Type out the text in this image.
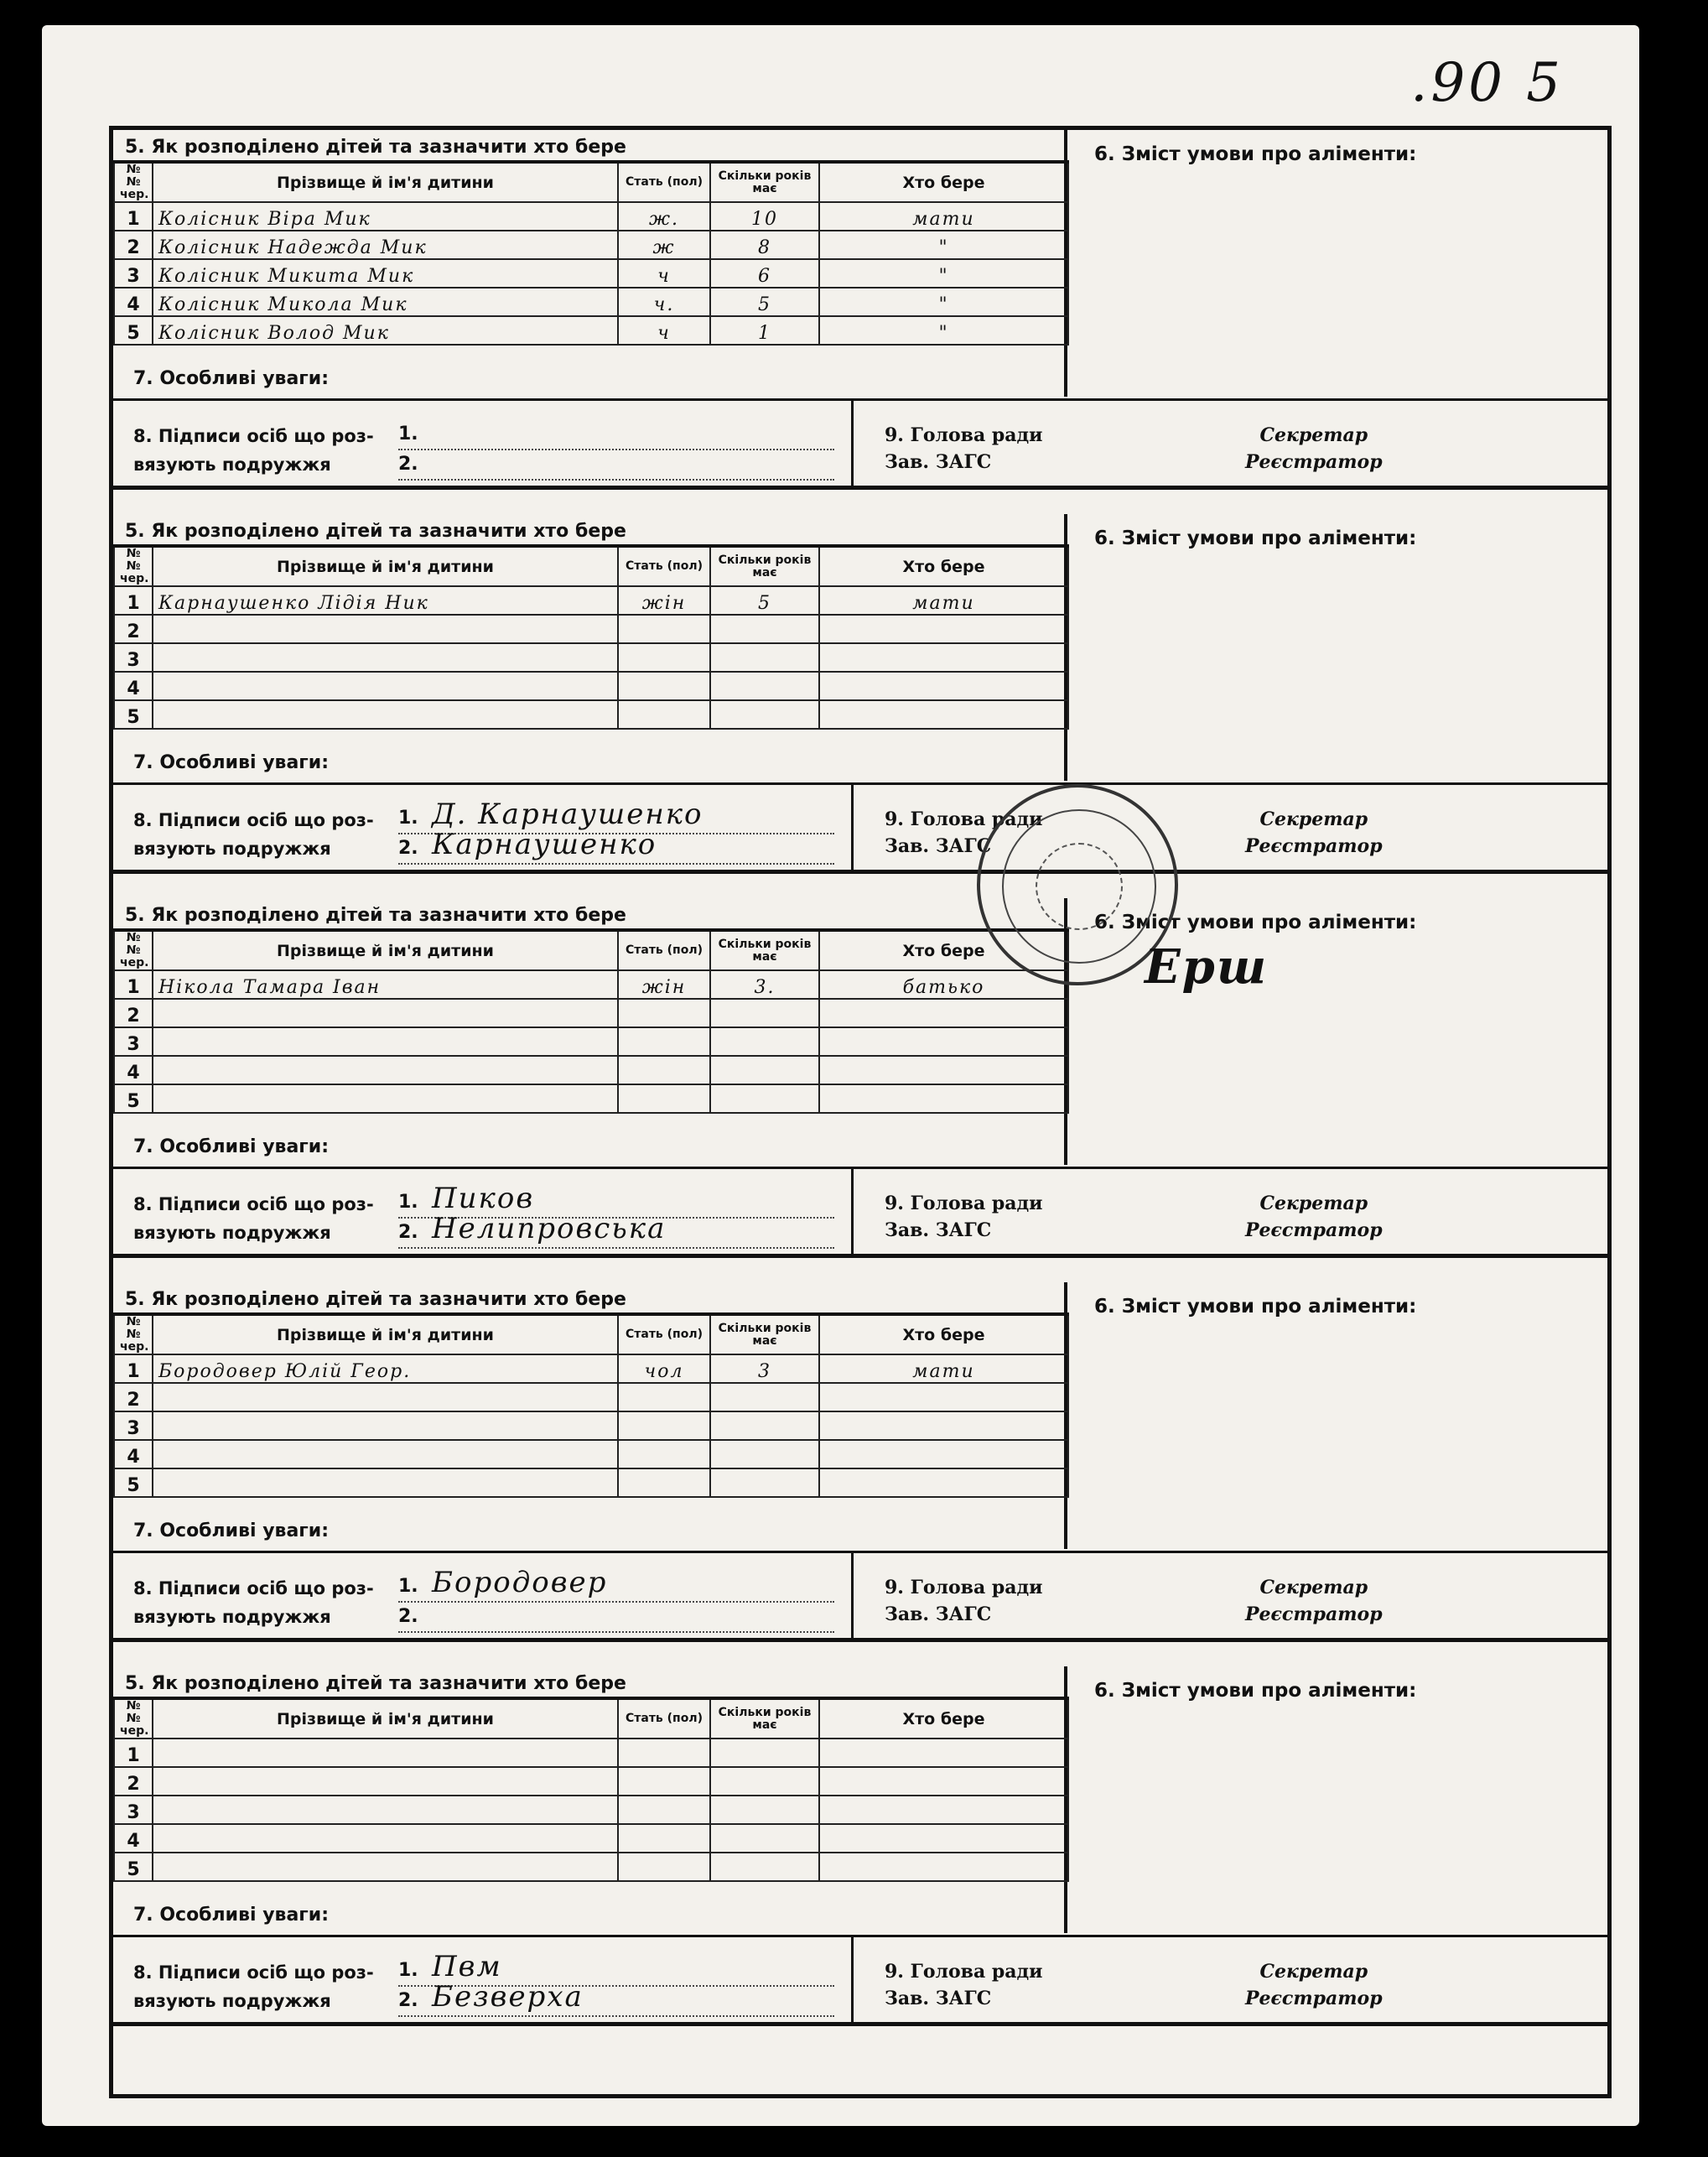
.90 5
5. Як розподілено дітей та зазначити хто бере	6. Зміст умови про аліменти:
№№ чер.	Прізвище й ім'я дитини	Стать (пол)	Скільки років має	Хто бере
1	Колісник Віра Мик	ж.	10	мати
2	Колісник Надежда Мик	ж	8	"
3	Колісник Микита Мик	ч	6	"
4	Колісник Микола Мик	ч.	5	"
5	Колісник Волод Мик	ч	1	"
7. Особливі уваги:
8. Підписи осіб що роз-
вязують подружжя
1.
2.
9. Голова ради
Зав. ЗАГС
Секретар
Реєстратор
5. Як розподілено дітей та зазначити хто бере	6. Зміст умови про аліменти:
№№ чер.	Прізвище й ім'я дитини	Стать (пол)	Скільки років має	Хто бере
1	Карнаушенко Лідія Ник	жін	5	мати
2				
3				
4				
5				
7. Особливі уваги:
8. Підписи осіб що роз-
вязують подружжя
1. Д. Карнаушенко
2. Карнаушенко
9. Голова ради
Зав. ЗАГС
Секретар
Реєстратор
5. Як розподілено дітей та зазначити хто бере	6. Зміст умови про аліменти:
№№ чер.	Прізвище й ім'я дитини	Стать (пол)	Скільки років має	Хто бере
1	Нікола Тамара Іван	жін	3.	батько
2				
3				
4				
5				
7. Особливі уваги:
8. Підписи осіб що роз-
вязують подружжя
1. Пиков
2. Нелипровська
9. Голова ради
Зав. ЗАГС
Секретар
Реєстратор
5. Як розподілено дітей та зазначити хто бере	6. Зміст умови про аліменти:
№№ чер.	Прізвище й ім'я дитини	Стать (пол)	Скільки років має	Хто бере
1	Бородовер Юлій Геор.	чол	3	мати
2				
3				
4				
5				
7. Особливі уваги:
8. Підписи осіб що роз-
вязують подружжя
1. Бородовер
2.
9. Голова ради
Зав. ЗАГС
Секретар
Реєстратор
5. Як розподілено дітей та зазначити хто бере	6. Зміст умови про аліменти:
№№ чер.	Прізвище й ім'я дитини	Стать (пол)	Скільки років має	Хто бере
1				
2				
3				
4				
5				
7. Особливі уваги:
8. Підписи осіб що роз-
вязують подружжя
1. Пвм
2. Безверха
9. Голова ради
Зав. ЗАГС
Секретар
Реєстратор
Ерш
